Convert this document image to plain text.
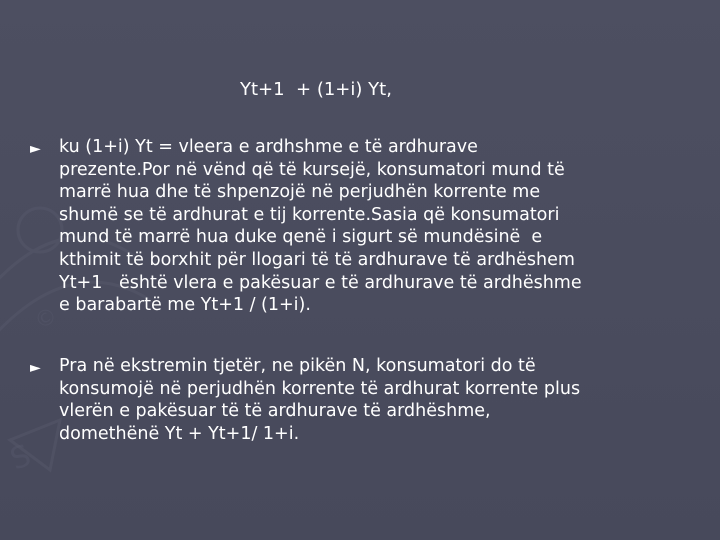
S
©
Yt+1  + (1+i) Yt,
►	ku (1+i) Yt = vleera e ardhshme e të ardhurave
prezente.Por në vënd që të kursejë, konsumatori mund të
marrë hua dhe të shpenzojë në perjudhën korrente me
shumë se të ardhurat e tij korrente.Sasia që konsumatori
mund të marrë hua duke qenë i sigurt së mundësinë  e
kthimit të borxhit për llogari të të ardhurave të ardhëshem
Yt+1   është vlera e pakësuar e të ardhurave të ardhëshme
e barabartë me Yt+1 / (1+i).
►	Pra në ekstremin tjetër, ne pikën N, konsumatori do të
konsumojë në perjudhën korrente të ardhurat korrente plus
vlerën e pakësuar të të ardhurave të ardhëshme,
domethënë Yt + Yt+1/ 1+i.
